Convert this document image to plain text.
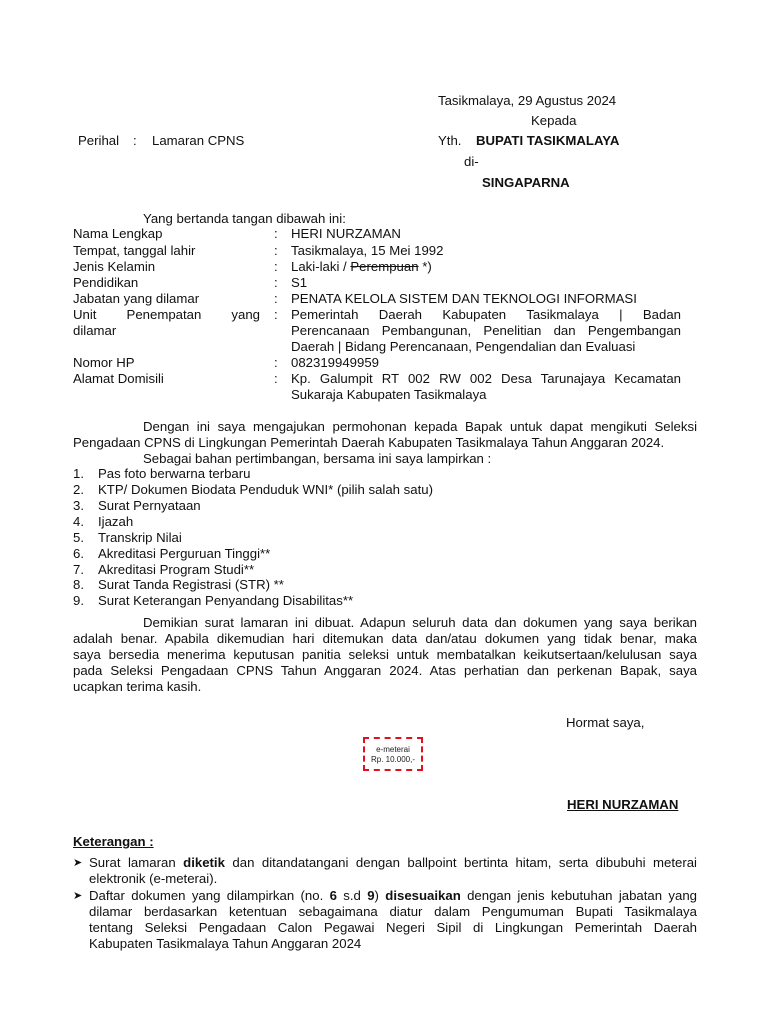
Tasikmalaya, 29 Agustus 2024
Kepada
Perihal : Lamaran CPNS	Yth. BUPATI TASIKMALAYA
di-
SINGAPARNA
Yang bertanda tangan dibawah ini:
Nama Lengkap	: HERI NURZAMAN
Tempat, tanggal lahir	: Tasikmalaya, 15 Mei 1992
Jenis Kelamin	: Laki-laki / Perempuan *)
Pendidikan	: S1
Jabatan yang dilamar	: PENATA KELOLA SISTEM DAN TEKNOLOGI INFORMASI
Unit Penempatan yang
dilamar
: Pemerintah Daerah Kabupaten Tasikmalaya | Badan
Perencanaan Pembangunan, Penelitian dan Pengembangan
Daerah | Bidang Perencanaan, Pengendalian dan Evaluasi
Nomor HP	: 082319949959
Alamat Domisili	: Kp. Galumpit RT 002 RW 002 Desa Tarunajaya Kecamatan
Sukaraja Kabupaten Tasikmalaya
Dengan ini saya mengajukan permohonan kepada Bapak untuk dapat mengikuti Seleksi
Pengadaan CPNS di Lingkungan Pemerintah Daerah Kabupaten Tasikmalaya Tahun Anggaran 2024.
Sebagai bahan pertimbangan, bersama ini saya lampirkan :
1. Pas foto berwarna terbaru
2. KTP/ Dokumen Biodata Penduduk WNI* (pilih salah satu)
3. Surat Pernyataan
4. Ijazah
5. Transkrip Nilai
6. Akreditasi Perguruan Tinggi**
7. Akreditasi Program Studi**
8. Surat Tanda Registrasi (STR) **
9. Surat Keterangan Penyandang Disabilitas**
Demikian surat lamaran ini dibuat. Adapun seluruh data dan dokumen yang saya berikan
adalah benar. Apabila dikemudian hari ditemukan data dan/atau dokumen yang tidak benar, maka
saya bersedia menerima keputusan panitia seleksi untuk membatalkan keikutsertaan/kelulusan saya
pada Seleksi Pengadaan CPNS Tahun Anggaran 2024. Atas perhatian dan perkenan Bapak, saya
ucapkan terima kasih.
Hormat saya,
e-meterai
Rp. 10.000,-
HERI NURZAMAN
Keterangan :
➤ Surat lamaran diketik dan ditandatangani dengan ballpoint bertinta hitam, serta dibubuhi meterai
elektronik (e-meterai).
➤ Daftar dokumen yang dilampirkan (no. 6 s.d 9) disesuaikan dengan jenis kebutuhan jabatan yang
dilamar berdasarkan ketentuan sebagaimana diatur dalam Pengumuman Bupati Tasikmalaya
tentang Seleksi Pengadaan Calon Pegawai Negeri Sipil di Lingkungan Pemerintah Daerah
Kabupaten Tasikmalaya Tahun Anggaran 2024
